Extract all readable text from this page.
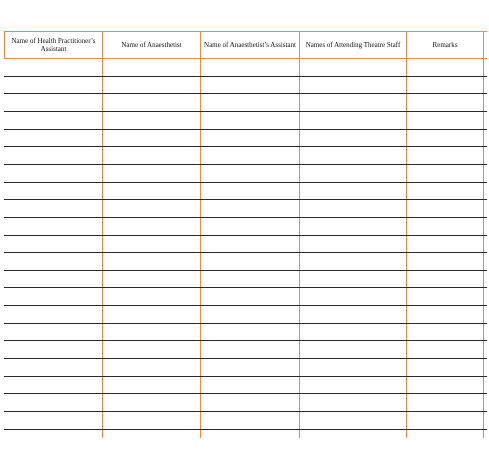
Name of Health Practitioner’s Assistant	Name of Anaesthetist	Name of Anaesthetist’s Assistant	Names of Attending Theatre Staff	Remarks
